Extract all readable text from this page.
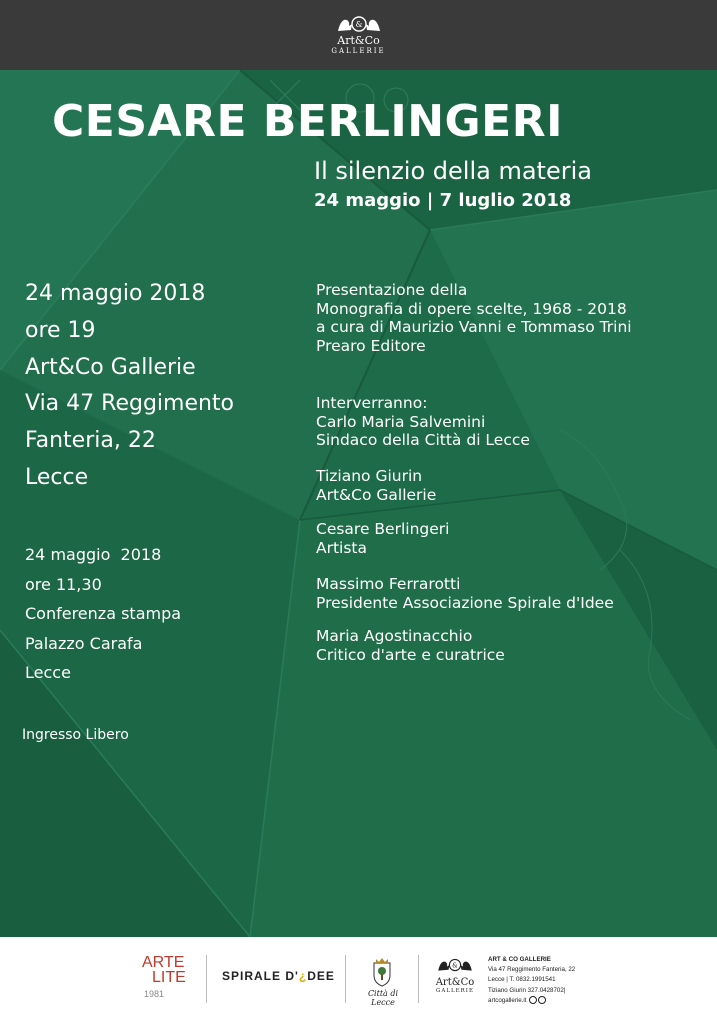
&
Art&Co
GALLERIE
CESARE BERLINGERI
Il silenzio della materia
24 maggio | 7 luglio 2018
24 maggio 2018
ore 19
Art&Co Gallerie
Via 47 Reggimento
Fanteria, 22
Lecce
24 maggio  2018
ore 11,30
Conferenza stampa
Palazzo Carafa
Lecce
Ingresso Libero
Presentazione della
Monografia di opere scelte, 1968 - 2018
a cura di Maurizio Vanni e Tommaso Trini
Prearo Editore
Interverranno:
Carlo Maria Salvemini
Sindaco della Città di Lecce
Tiziano Giurin
Art&Co Gallerie
Cesare Berlingeri
Artista
Massimo Ferrarotti
Presidente Associazione Spirale d'Idee
Maria Agostinacchio
Critico d'arte e curatrice
ARTE
LITE
1981
SPIRALE D'¿DEE
Città di Lecce
&
Art&Co
GALLERIE
ART & CO GALLERIE
Via 47 Reggimento Fanteria, 22
Lecce | T. 0832.1991541
Tiziano Giurin 327.0428702|
artcogallerie.it
